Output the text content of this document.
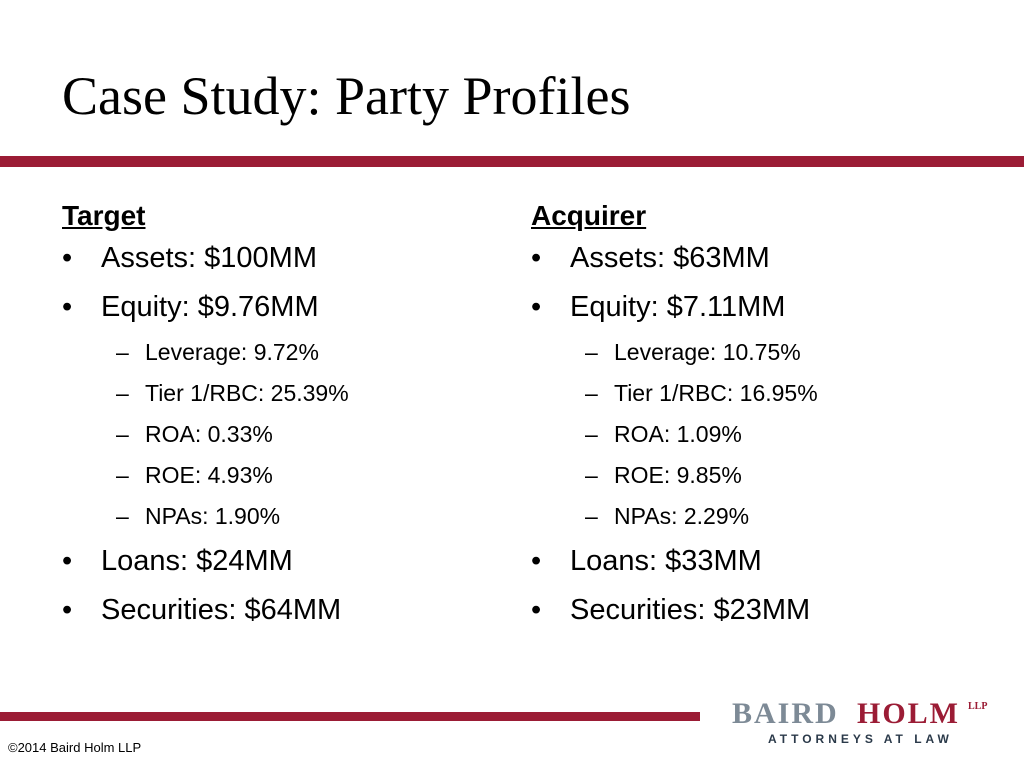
Case Study: Party Profiles
Target
• Assets: $100MM
• Equity: $9.76MM
– Leverage: 9.72%
– Tier 1/RBC: 25.39%
– ROA: 0.33%
– ROE: 4.93%
– NPAs: 1.90%
• Loans: $24MM
• Securities: $64MM
Acquirer
• Assets: $63MM
• Equity: $7.11MM
– Leverage: 10.75%
– Tier 1/RBC: 16.95%
– ROA: 1.09%
– ROE: 9.85%
– NPAs: 2.29%
• Loans: $33MM
• Securities: $23MM
©2014 Baird Holm LLP
BAIRD HOLM LLP
ATTORNEYS AT LAW
